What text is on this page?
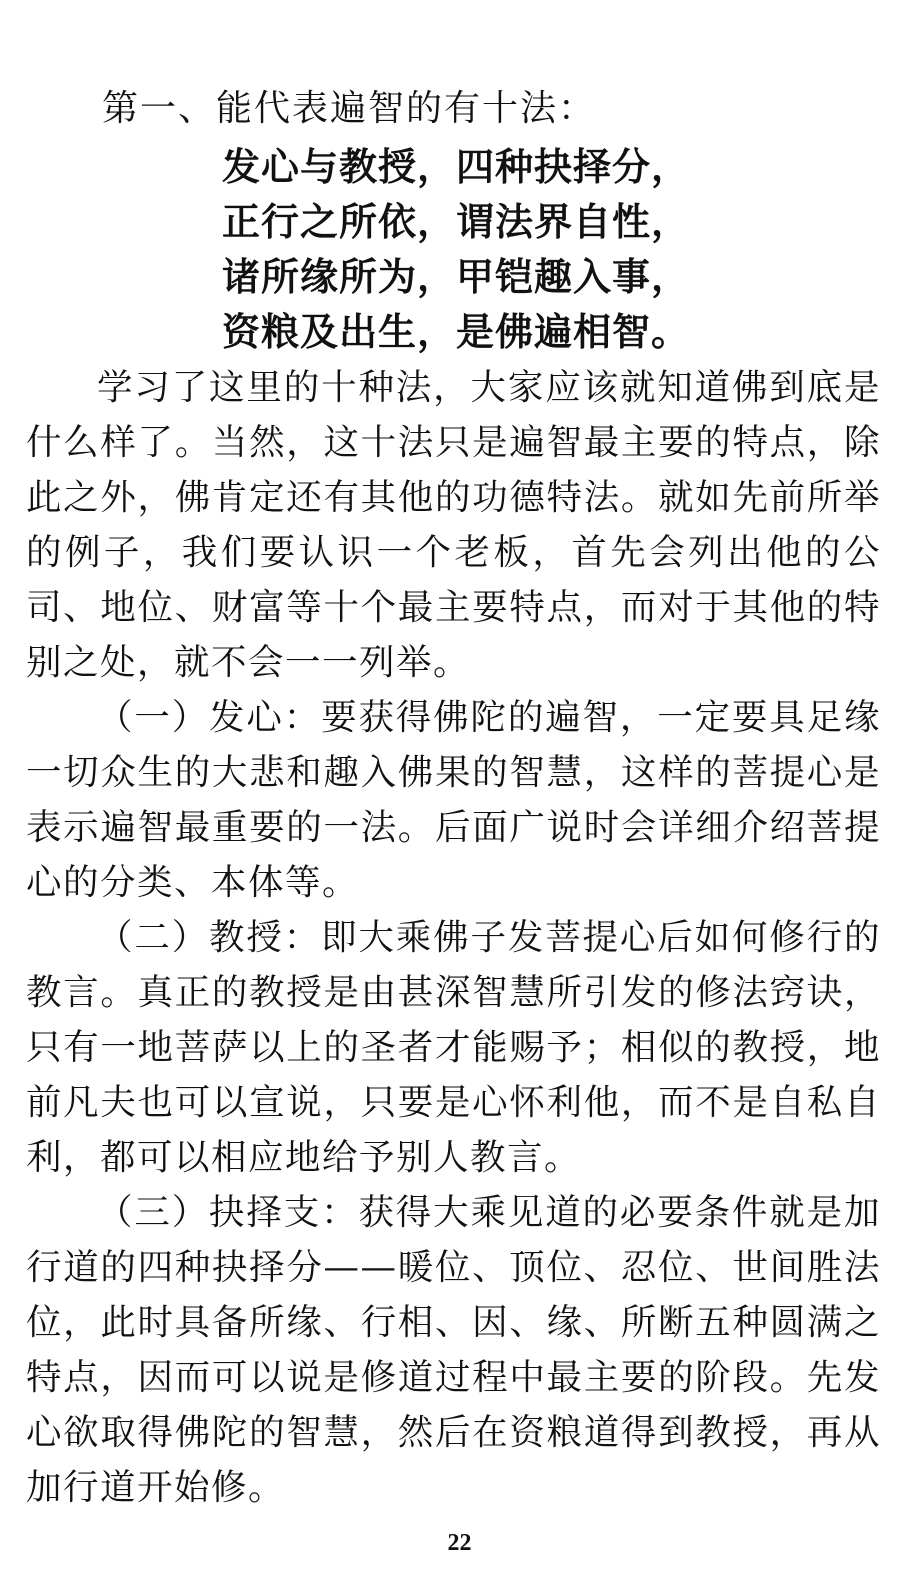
第一、能代表遍智的有十法：
发心与教授，四种抉择分，
正行之所依，谓法界自性，
诸所缘所为，甲铠趣入事，
资粮及出生，是佛遍相智。

学习了这里的十种法，大家应该就知道佛到底是什么样了。当然，这十法只是遍智最主要的特点，除此之外，佛肯定还有其他的功德特法。就如先前所举的例子，我们要认识一个老板，首先会列出他的公司、地位、财富等十个最主要特点，而对于其他的特别之处，就不会一一列举。

（一）发心：要获得佛陀的遍智，一定要具足缘一切众生的大悲和趣入佛果的智慧，这样的菩提心是表示遍智最重要的一法。后面广说时会详细介绍菩提心的分类、本体等。

（二）教授：即大乘佛子发菩提心后如何修行的教言。真正的教授是由甚深智慧所引发的修法窍诀，只有一地菩萨以上的圣者才能赐予；相似的教授，地前凡夫也可以宣说，只要是心怀利他，而不是自私自利，都可以相应地给予别人教言。

（三）抉择支：获得大乘见道的必要条件就是加行道的四种抉择分——暖位、顶位、忍位、世间胜法位，此时具备所缘、行相、因、缘、所断五种圆满之特点，因而可以说是修道过程中最主要的阶段。先发心欲取得佛陀的智慧，然后在资粮道得到教授，再从加行道开始修。

22
